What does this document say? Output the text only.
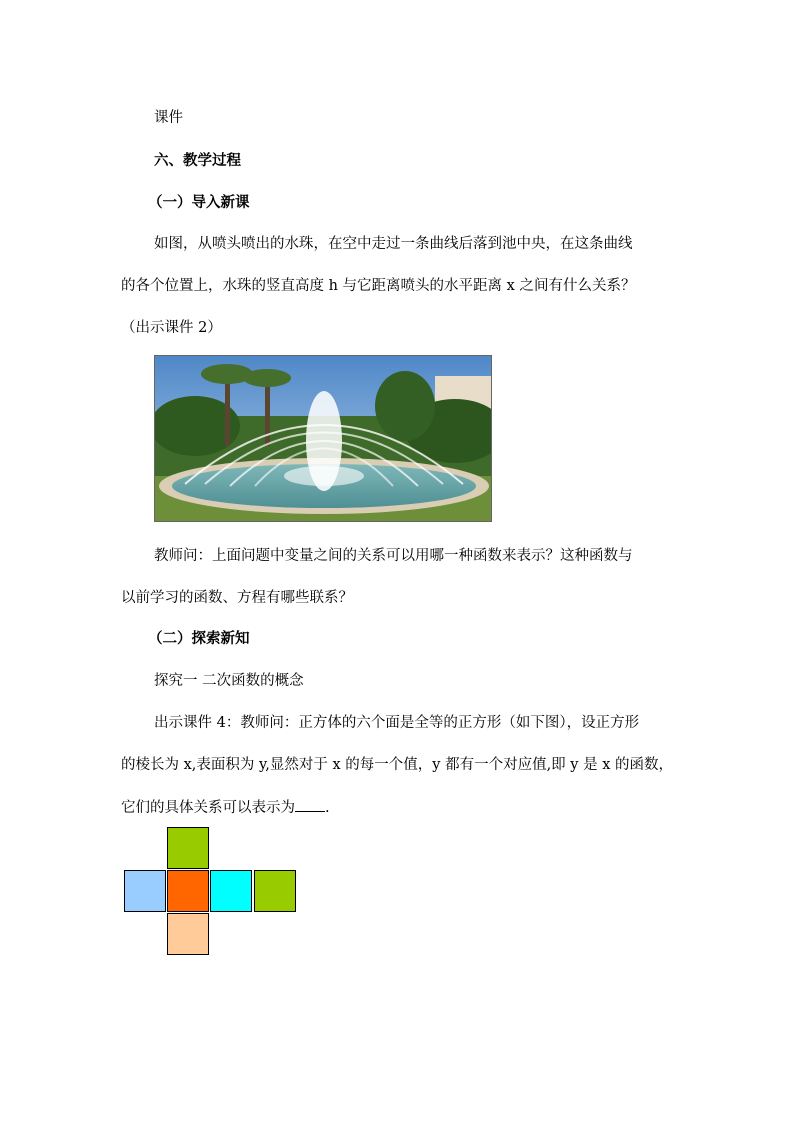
课件
六、教学过程
（一）导入新课
如图，从喷头喷出的水珠，在空中走过一条曲线后落到池中央，在这条曲线
的各个位置上，水珠的竖直高度 h 与它距离喷头的水平距离 x 之间有什么关系？
（出示课件 2）
教师问：上面问题中变量之间的关系可以用哪一种函数来表示？这种函数与
以前学习的函数、方程有哪些联系？
（二）探索新知
探究一 二次函数的概念
出示课件 4：教师问：正方体的六个面是全等的正方形（如下图），设正方形
的棱长为 x,表面积为 y,显然对于 x 的每一个值，y 都有一个对应值,即 y 是 x 的函数，
它们的具体关系可以表示为 .
